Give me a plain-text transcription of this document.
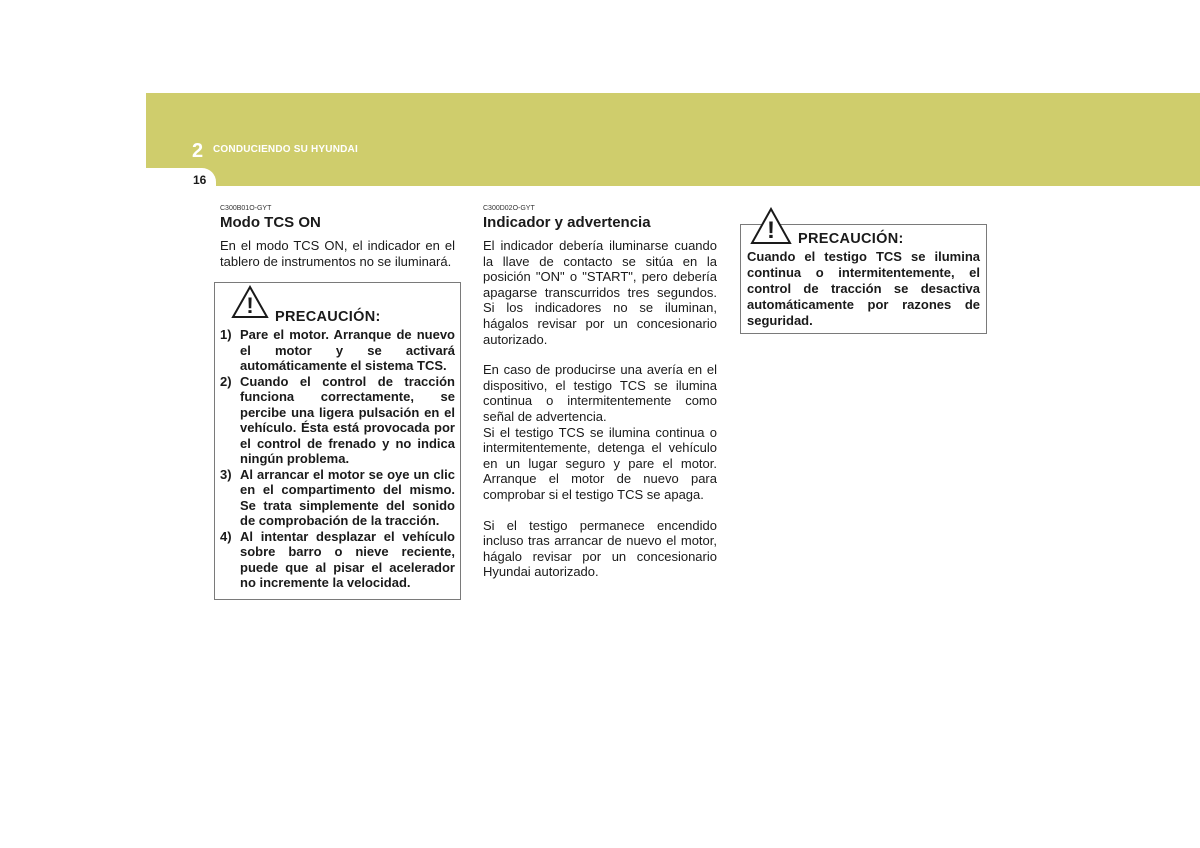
2 CONDUCIENDO SU HYUNDAI
16

C300B01O-GYT

Modo TCS ON

En el modo TCS ON, el indicador en el tablero de instrumentos no se iluminará.

! PRECAUCIÓN:
1) Pare el motor. Arranque de nuevo el motor y se activará automáticamente el sistema TCS.
2) Cuando el control de tracción funciona correctamente, se percibe una ligera pulsación en el vehículo. Ésta está provocada por el control de frenado y no indica ningún problema.
3) Al arrancar el motor se oye un clic en el compartimento del mismo. Se trata simplemente del sonido de comprobación de la tracción.
4) Al intentar desplazar el vehículo sobre barro o nieve reciente, puede que al pisar el acelerador no incremente la velocidad.

C300D02O-GYT

Indicador y advertencia

El indicador debería iluminarse cuando la llave de contacto se sitúa en la posición "ON" o "START", pero debería apagarse transcurridos tres segundos. Si los indicadores no se iluminan, hágalos revisar por un concesionario autorizado.

En caso de producirse una avería en el dispositivo, el testigo TCS se ilumina continua o intermitentemente como señal de advertencia.

Si el testigo TCS se ilumina continua o intermitentemente, detenga el vehículo en un lugar seguro y pare el motor. Arranque el motor de nuevo para comprobar si el testigo TCS se apaga.

Si el testigo permanece encendido incluso tras arrancar de nuevo el motor, hágalo revisar por un concesionario Hyundai autorizado.

! PRECAUCIÓN:
Cuando el testigo TCS se ilumina continua o intermitentemente, el control de tracción se desactiva automáticamente por razones de seguridad.
